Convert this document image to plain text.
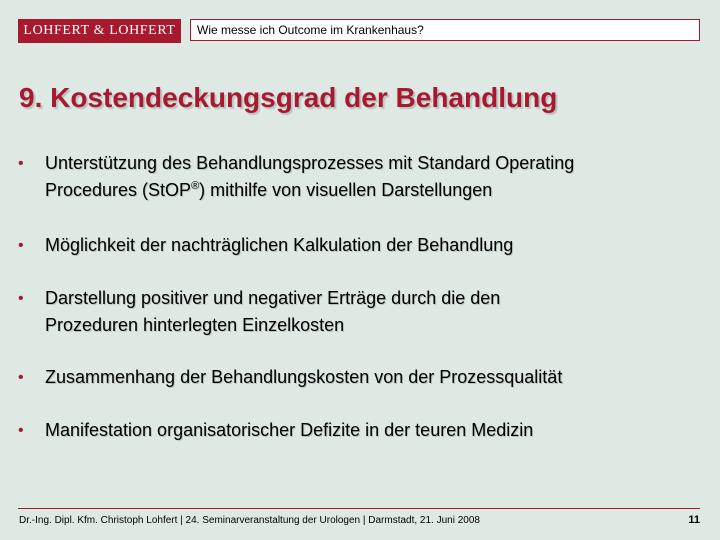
LOHFERT & LOHFERT	Wie messe ich Outcome im Krankenhaus?
9. Kostendeckungsgrad der Behandlung
•	Unterstützung des Behandlungsprozesses mit Standard Operating
Procedures (StOP®) mithilfe von visuellen Darstellungen
•	Möglichkeit der nachträglichen Kalkulation der Behandlung
•	Darstellung positiver und negativer Erträge durch die den
Prozeduren hinterlegten Einzelkosten
•	Zusammenhang der Behandlungskosten von der Prozessqualität
•	Manifestation organisatorischer Defizite in der teuren Medizin
Dr.-Ing. Dipl. Kfm. Christoph Lohfert | 24. Seminarveranstaltung der Urologen | Darmstadt, 21. Juni 2008	11
